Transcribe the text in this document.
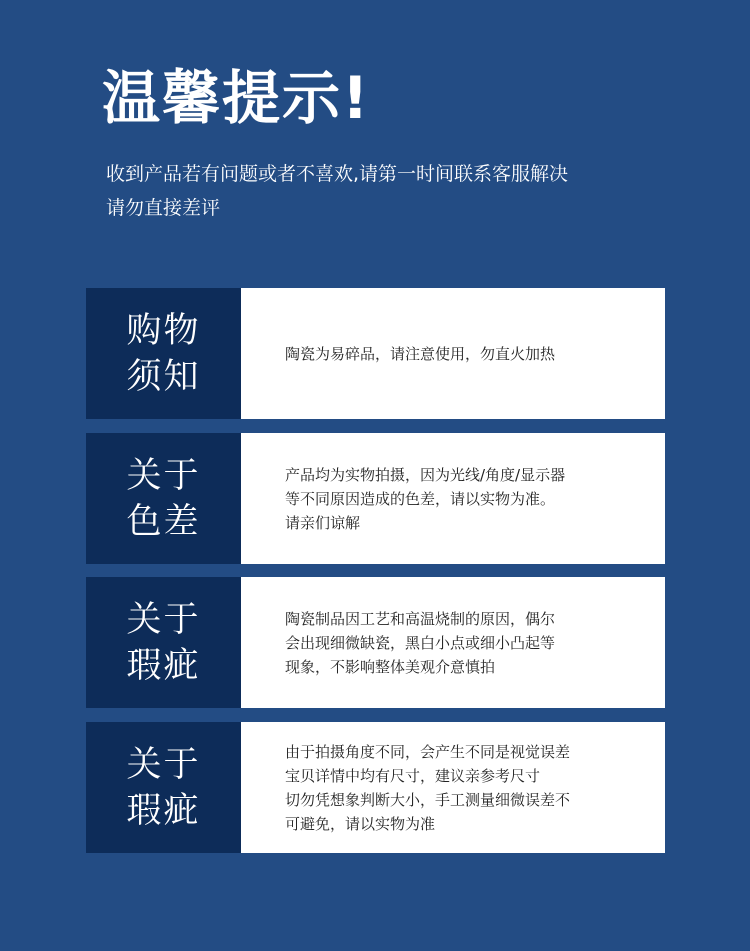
温馨提示!

收到产品若有问题或者不喜欢,请第一时间联系客服解决
请勿直接差评

购物
须知
陶瓷为易碎品，请注意使用，勿直火加热
关于
色差
产品均为实物拍摄，因为光线/角度/显示器
等不同原因造成的色差，请以实物为准。
请亲们谅解
关于
瑕疵
陶瓷制品因工艺和高温烧制的原因，偶尔
会出现细微缺瓷，黑白小点或细小凸起等
现象，不影响整体美观介意慎拍
关于
瑕疵
由于拍摄角度不同，会产生不同是视觉误差
宝贝详情中均有尺寸，建议亲参考尺寸
切勿凭想象判断大小，手工测量细微误差不
可避免，请以实物为准
